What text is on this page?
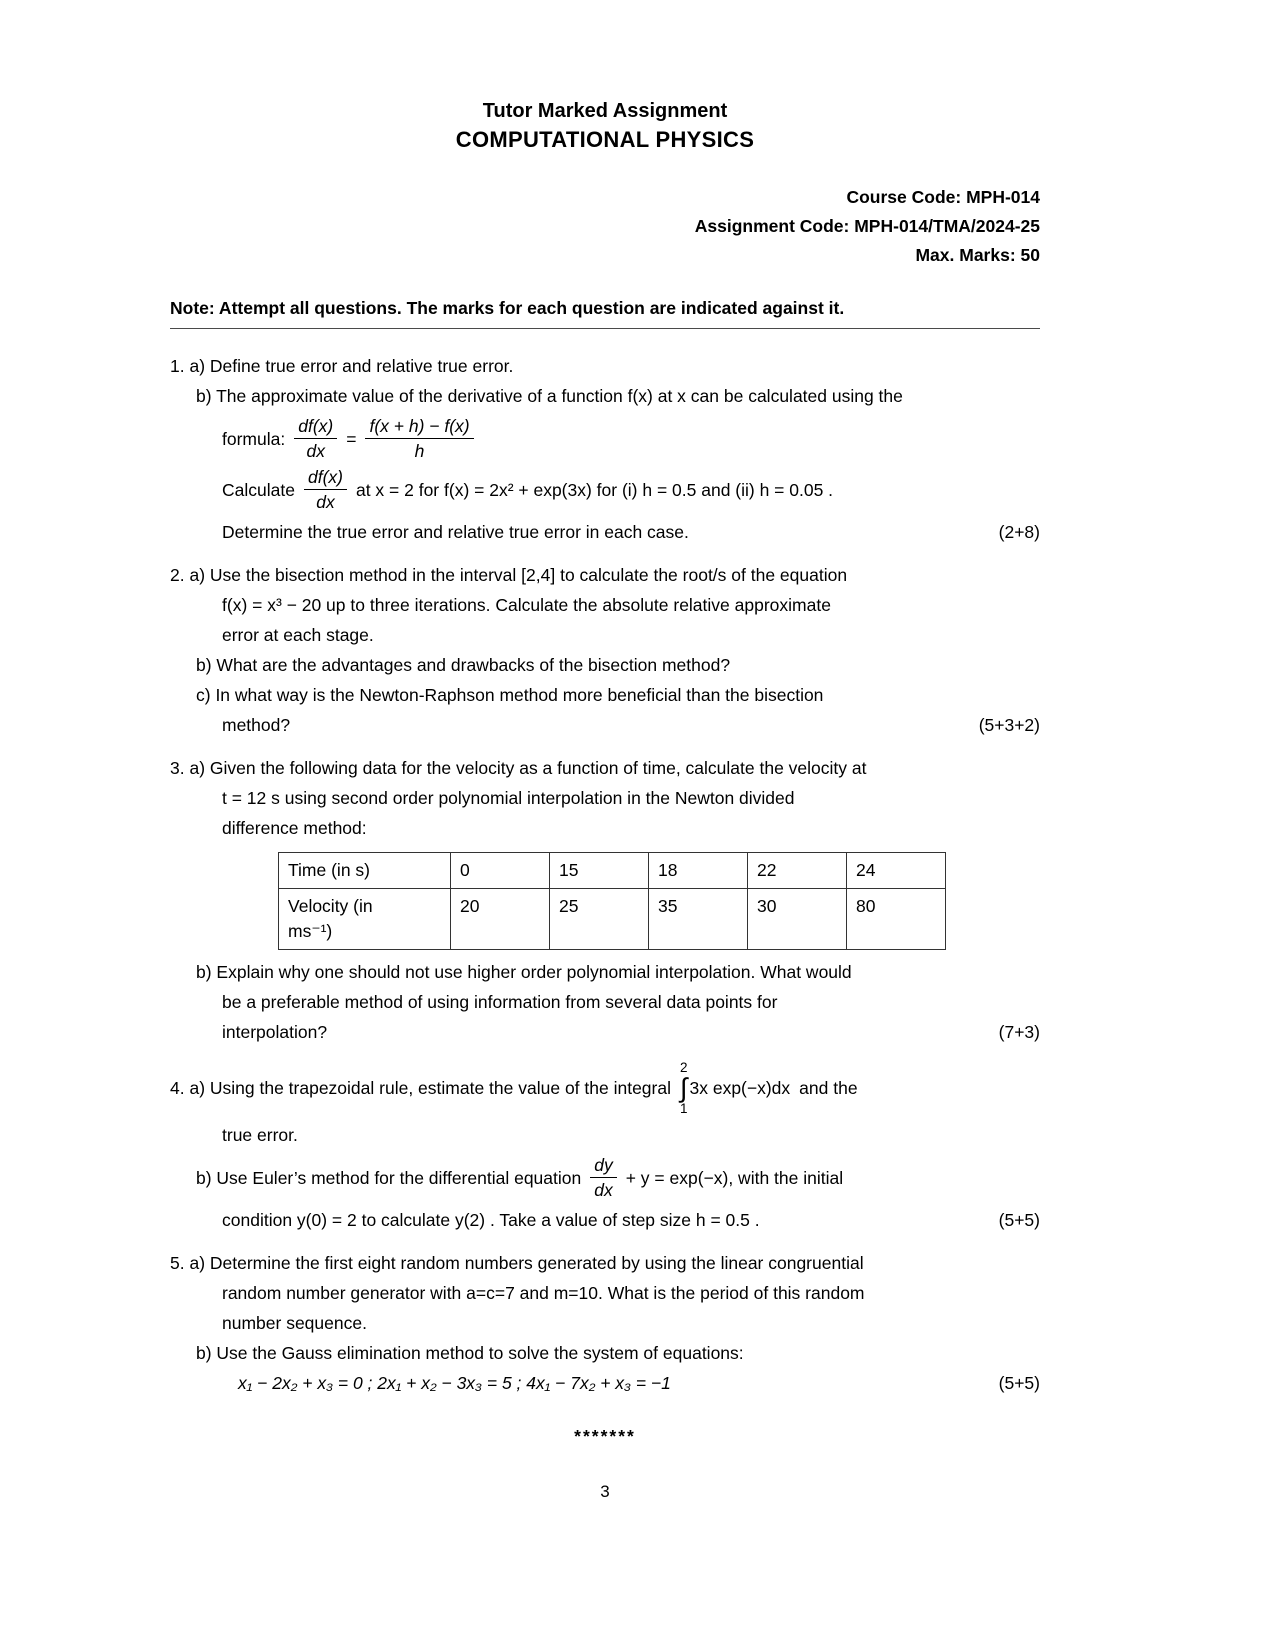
Tutor Marked Assignment
COMPUTATIONAL PHYSICS
Course Code: MPH-014
Assignment Code: MPH-014/TMA/2024-25
Max. Marks: 50
Note: Attempt all questions. The marks for each question are indicated against it.
1. a) Define true error and relative true error.
b) The approximate value of the derivative of a function f(x) at x can be calculated using the
formula: $\frac{df(x)}{dx} = \frac{f(x + h) - f(x)}{h}$
Calculate $\frac{df(x)}{dx}$ at x = 2 for f(x) = 2x² + exp(3x) for (i) h = 0.5 and (ii) h = 0.05 .
Determine the true error and relative true error in each case.	(2+8)
2. a) Use the bisection method in the interval [2,4] to calculate the root/s of the equation
f(x) = x³ − 20 up to three iterations. Calculate the absolute relative approximate
error at each stage.
b) What are the advantages and drawbacks of the bisection method?
c) In what way is the Newton-Raphson method more beneficial than the bisection
method?	(5+3+2)
3. a) Given the following data for the velocity as a function of time, calculate the velocity at
t = 12 s using second order polynomial interpolation in the Newton divided
difference method:
Time (in s)	0	15	18	22	24

Velocity (in
ms⁻¹)	20	25	35	30	80
b) Explain why one should not use higher order polynomial interpolation. What would
be a preferable method of using information from several data points for
interpolation?	(7+3)
4. a) Using the trapezoidal rule, estimate the value of the integral
2
∫
1
3x exp(−x)dx and the
true error.
b) Use Euler’s method for the differential equation $\frac{dy}{dx} + y = \exp(-x)$, with the initial
condition y(0) = 2 to calculate y(2) . Take a value of step size h = 0.5 .	(5+5)
5. a) Determine the first eight random numbers generated by using the linear congruential
random number generator with a=c=7 and m=10. What is the period of this random
number sequence.
b) Use the Gauss elimination method to solve the system of equations:
x₁ − 2x₂ + x₃ = 0 ; 2x₁ + x₂ − 3x₃ = 5 ; 4x₁ − 7x₂ + x₃ = −1	(5+5)
*******
3
